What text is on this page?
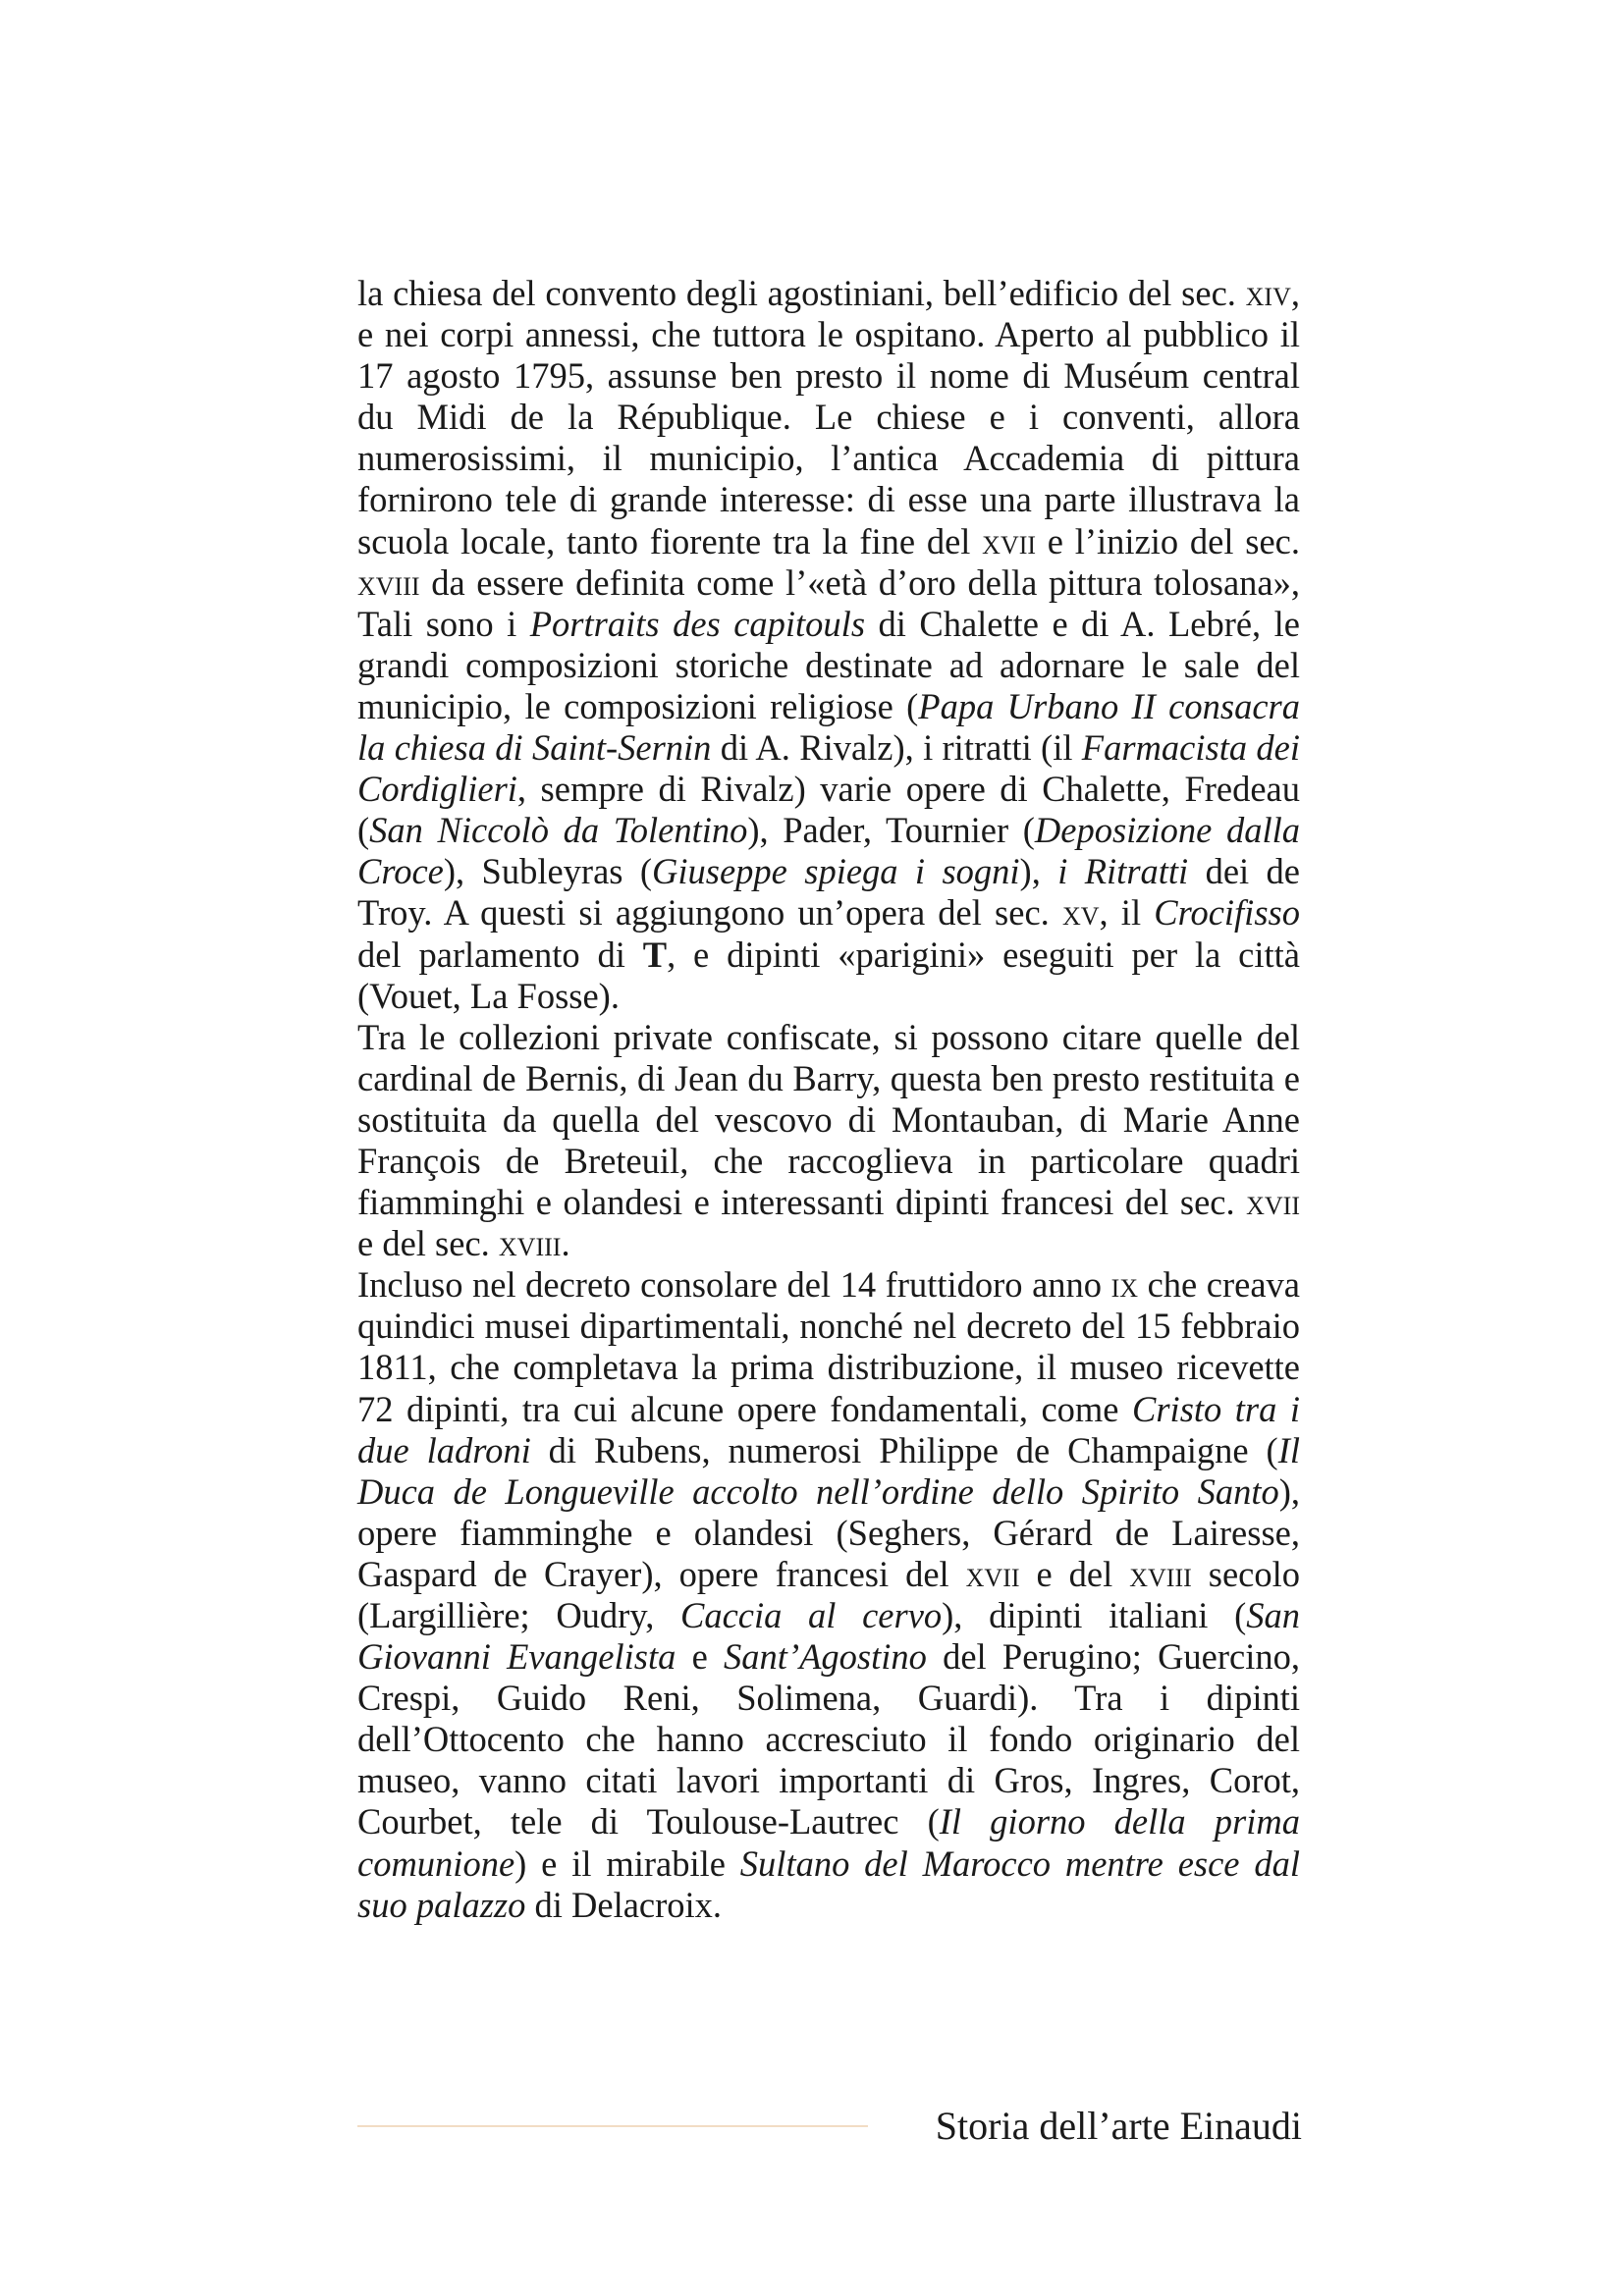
la chiesa del convento degli agostiniani, bell’edificio del sec. xiv, e nei corpi annessi, che tuttora le ospitano. Aperto al pubblico il 17 agosto 1795, assunse ben presto il nome di Muséum central du Midi de la République. Le chiese e i conventi, allora numerosissimi, il municipio, l’antica Accademia di pittura fornirono tele di grande interesse: di esse una parte illustrava la scuola locale, tanto fiorente tra la fine del xvii e l’inizio del sec. xviii da essere definita come l’«età d’oro della pittura tolosana», Tali sono i Portraits des capitouls di Chalette e di A. Lebré, le grandi composizioni storiche destinate ad adornare le sale del municipio, le composizioni religiose (Papa Urbano II consacra la chiesa di Saint-Sernin di A. Rivalz), i ritratti (il Farmacista dei Cordiglieri, sempre di Rivalz) varie opere di Chalette, Fredeau (San Niccolò da Tolentino), Pader, Tournier (Deposizione dalla Croce), Subleyras (Giuseppe spiega i sogni), i Ritratti dei de Troy. A questi si aggiungono un’opera del sec. xv, il Crocifisso del parlamento di T, e dipinti «parigini» eseguiti per la città (Vouet, La Fosse).

Tra le collezioni private confiscate, si possono citare quelle del cardinal de Bernis, di Jean du Barry, questa ben presto restituita e sostituita da quella del vescovo di Montauban, di Marie Anne François de Breteuil, che raccoglieva in particolare quadri fiamminghi e olandesi e interessanti dipinti francesi del sec. xvii e del sec. xviii.

Incluso nel decreto consolare del 14 fruttidoro anno ix che creava quindici musei dipartimentali, nonché nel decreto del 15 febbraio 1811, che completava la prima distribuzione, il museo ricevette 72 dipinti, tra cui alcune opere fondamentali, come Cristo tra i due ladroni di Rubens, numerosi Philippe de Champaigne (Il Duca de Longueville accolto nell’ordine dello Spirito Santo), opere fiamminghe e olandesi (Seghers, Gérard de Lairesse, Gaspard de Crayer), opere francesi del xvii e del xviii secolo (Largillière; Oudry, Caccia al cervo), dipinti italiani (San Giovanni Evangelista e Sant’Agostino del Perugino; Guercino, Crespi, Guido Reni, Solimena, Guardi). Tra i dipinti dell’Ottocento che hanno accresciuto il fondo originario del museo, vanno citati lavori importanti di Gros, Ingres, Corot, Courbet, tele di Toulouse-Lautrec (Il giorno della prima comunione) e il mirabile Sultano del Marocco mentre esce dal suo palazzo di Delacroix.

Storia dell’arte Einaudi
